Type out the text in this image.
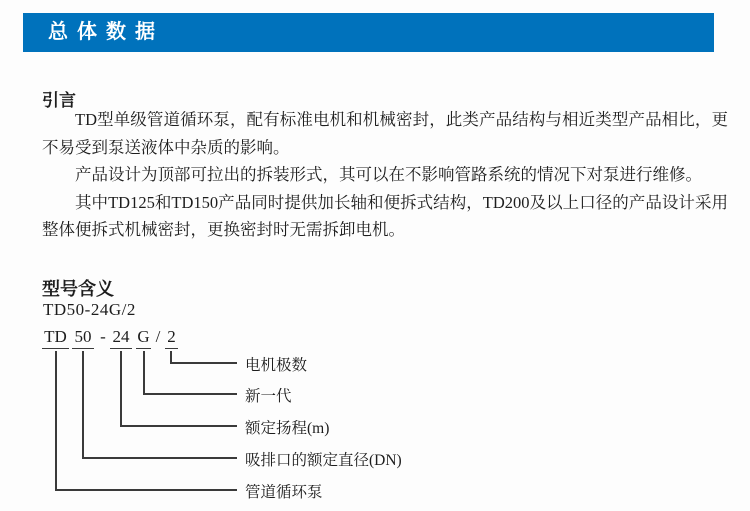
总体数据
引言

TD型单级管道循环泵，配有标准电机和机械密封，此类产品结构与相近类型产品相比，更不易受到泵送液体中杂质的影响。

产品设计为顶部可拉出的拆装形式，其可以在不影响管路系统的情况下对泵进行维修。

其中TD125和TD150产品同时提供加长轴和便拆式结构，TD200及以上口径的产品设计采用整体便拆式机械密封，更换密封时无需拆卸电机。

型号含义
TD50-24G/2
TD 50 - 24 G / 2
电机极数
新一代
额定扬程(m)
吸排口的额定直径(DN)
管道循环泵
